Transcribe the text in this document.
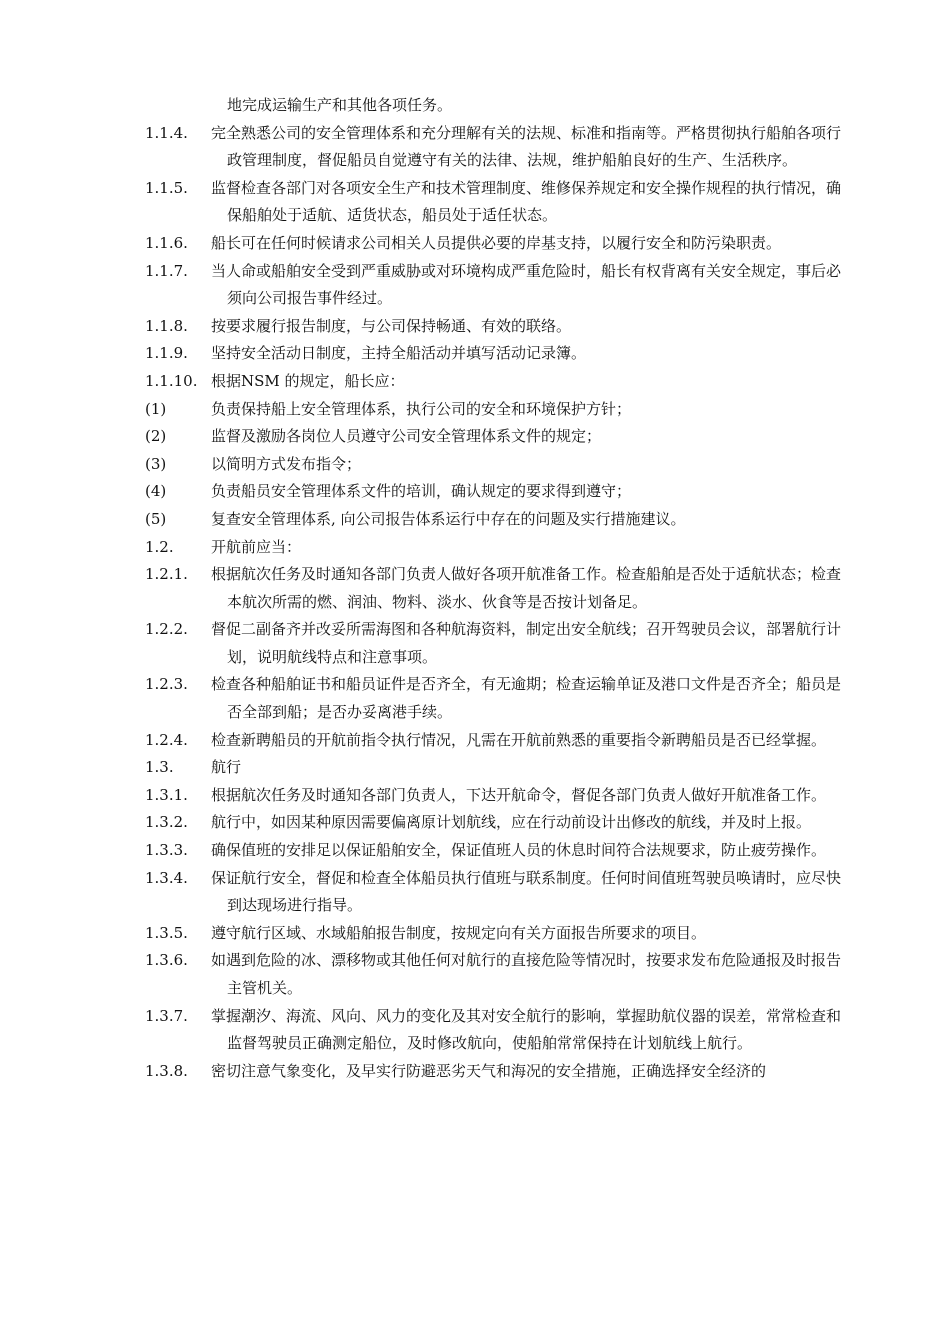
地完成运输生产和其他各项任务。
1.1.4.	完全熟悉公司的安全管理体系和充分理解有关的法规、标准和指南等。严格贯彻执行船舶各项行政管理制度，督促船员自觉遵守有关的法律、法规，维护船舶良好的生产、生活秩序。
1.1.5.	监督检查各部门对各项安全生产和技术管理制度、维修保养规定和安全操作规程的执行情况，确保船舶处于适航、适货状态，船员处于适任状态。
1.1.6.	船长可在任何时候请求公司相关人员提供必要的岸基支持，以履行安全和防污染职责。
1.1.7.	当人命或船舶安全受到严重威胁或对环境构成严重危险时，船长有权背离有关安全规定，事后必须向公司报告事件经过。
1.1.8.	按要求履行报告制度，与公司保持畅通、有效的联络。
1.1.9.	坚持安全活动日制度，主持全船活动并填写活动记录簿。
1.1.10. 根据NSM 的规定，船长应：
(1)	负责保持船上安全管理体系，执行公司的安全和环境保护方针；
(2)	监督及激励各岗位人员遵守公司安全管理体系文件的规定；
(3)	以简明方式发布指令；
(4)	负责船员安全管理体系文件的培训，确认规定的要求得到遵守；
(5)	复查安全管理体系, 向公司报告体系运行中存在的问题及实行措施建议。
1.2.	开航前应当：
1.2.1.	根据航次任务及时通知各部门负责人做好各项开航准备工作。检查船舶是否处于适航状态；检查本航次所需的燃、润油、物料、淡水、伙食等是否按计划备足。
1.2.2.	督促二副备齐并改妥所需海图和各种航海资料，制定出安全航线；召开驾驶员会议，部署航行计划，说明航线特点和注意事项。
1.2.3.	检查各种船舶证书和船员证件是否齐全，有无逾期；检查运输单证及港口文件是否齐全；船员是否全部到船；是否办妥离港手续。
1.2.4.	检查新聘船员的开航前指令执行情况，凡需在开航前熟悉的重要指令新聘船员是否已经掌握。
1.3.	航行
1.3.1.	根据航次任务及时通知各部门负责人，下达开航命令，督促各部门负责人做好开航准备工作。
1.3.2.	航行中，如因某种原因需要偏离原计划航线，应在行动前设计出修改的航线，并及时上报。
1.3.3.	确保值班的安排足以保证船舶安全，保证值班人员的休息时间符合法规要求，防止疲劳操作。
1.3.4.	保证航行安全，督促和检查全体船员执行值班与联系制度。任何时间值班驾驶员唤请时，应尽快到达现场进行指导。
1.3.5.	遵守航行区域、水域船舶报告制度，按规定向有关方面报告所要求的项目。
1.3.6.	如遇到危险的冰、漂移物或其他任何对航行的直接危险等情况时，按要求发布危险通报及时报告主管机关。
1.3.7.	掌握潮汐、海流、风向、风力的变化及其对安全航行的影响，掌握助航仪器的误差，常常检查和监督驾驶员正确测定船位，及时修改航向，使船舶常常保持在计划航线上航行。
1.3.8.	密切注意气象变化，及早实行防避恶劣天气和海况的安全措施，正确选择安全经济的
